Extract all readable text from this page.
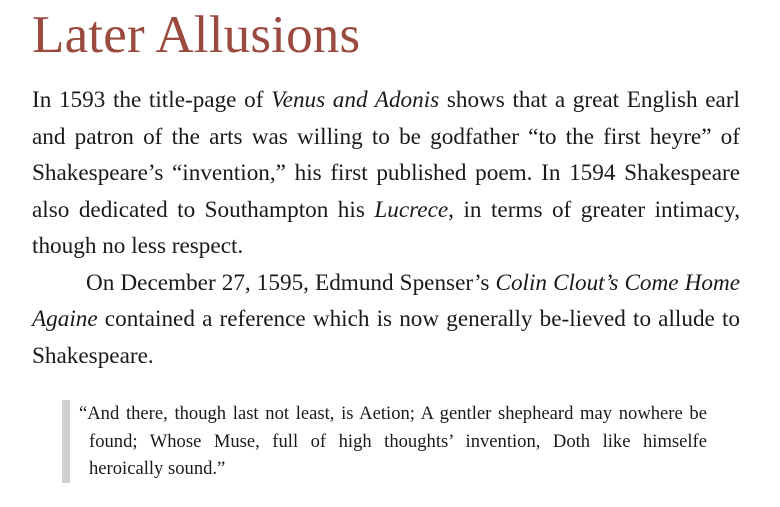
Later Allusions

In 1593 the title-page of Venus and Adonis shows that a great English earl and patron of the arts was willing to be godfather “to the first heyre” of Shakespeare’s “invention,” his first published poem. In 1594 Shakespeare also dedicated to Southampton his Lucrece, in terms of greater intimacy, though no less respect.

On December 27, 1595, Edmund Spenser’s Colin Clout’s Come Home Againe contained a reference which is now generally be-lieved to allude to Shakespeare.

“And there, though last not least, is Aetion; A gentler shepheard may nowhere be found; Whose Muse, full of high thoughts’ invention, Doth like himselfe heroically sound.”
